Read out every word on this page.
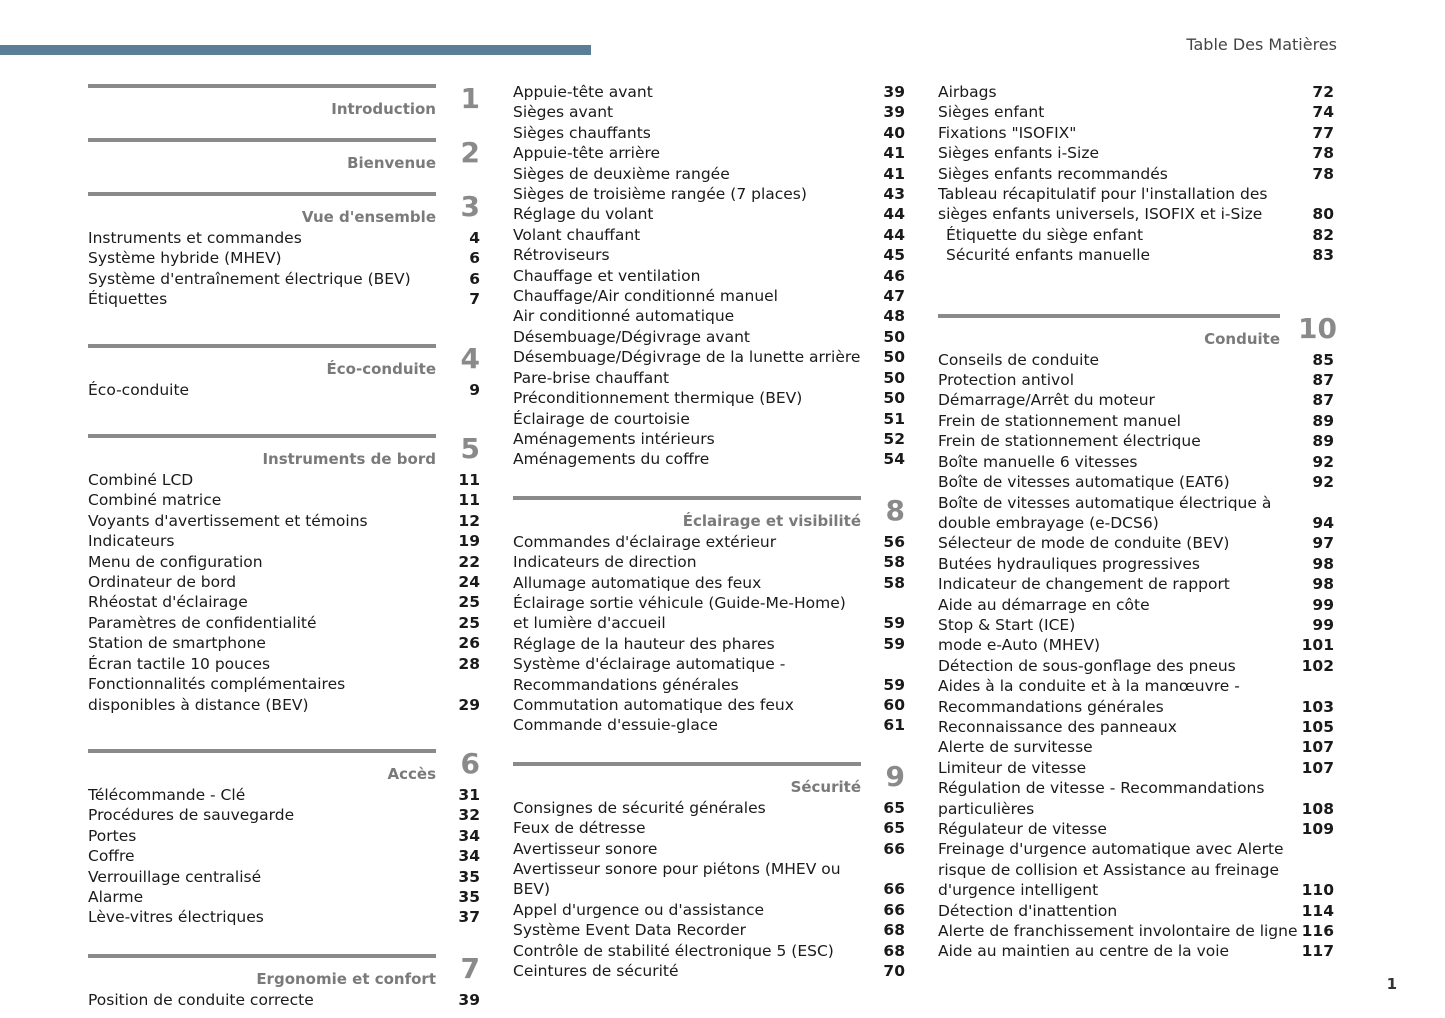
Table Des Matières
Introduction 1
Bienvenue 2
Vue d'ensemble 3
Instruments et commandes	4
Système hybride (MHEV)	6
Système d'entraînement électrique (BEV)	6
Étiquettes	7
Éco-conduite 4
Éco-conduite	9
Instruments de bord 5
Combiné LCD	11
Combiné matrice	11
Voyants d'avertissement et témoins	12
Indicateurs	19
Menu de configuration	22
Ordinateur de bord	24
Rhéostat d'éclairage	25
Paramètres de confidentialité	25
Station de smartphone	26
Écran tactile 10 pouces	28
Fonctionnalités complémentaires
disponibles à distance (BEV)	29
Accès 6
Télécommande - Clé	31
Procédures de sauvegarde	32
Portes	34
Coffre	34
Verrouillage centralisé	35
Alarme	35
Lève-vitres électriques	37
Ergonomie et confort 7
Position de conduite correcte	39
Appuie-tête avant	39
Sièges avant	39
Sièges chauffants	40
Appuie-tête arrière	41
Sièges de deuxième rangée	41
Sièges de troisième rangée (7 places)	43
Réglage du volant	44
Volant chauffant	44
Rétroviseurs	45
Chauffage et ventilation	46
Chauffage/Air conditionné manuel	47
Air conditionné automatique	48
Désembuage/Dégivrage avant	50
Désembuage/Dégivrage de la lunette arrière	50
Pare-brise chauffant	50
Préconditionnement thermique (BEV)	50
Éclairage de courtoisie	51
Aménagements intérieurs	52
Aménagements du coffre	54
Éclairage et visibilité 8
Commandes d'éclairage extérieur	56
Indicateurs de direction	58
Allumage automatique des feux	58
Éclairage sortie véhicule (Guide-Me-Home)
et lumière d'accueil	59
Réglage de la hauteur des phares	59
Système d'éclairage automatique -
Recommandations générales	59
Commutation automatique des feux	60
Commande d'essuie-glace	61
Sécurité 9
Consignes de sécurité générales	65
Feux de détresse	65
Avertisseur sonore	66
Avertisseur sonore pour piétons (MHEV ou
BEV)	66
Appel d'urgence ou d'assistance	66
Système Event Data Recorder	68
Contrôle de stabilité électronique 5 (ESC)	68
Ceintures de sécurité	70
Airbags	72
Sièges enfant	74
Fixations "ISOFIX"	77
Sièges enfants i-Size	78
Sièges enfants recommandés	78
Tableau récapitulatif pour l'installation des
sièges enfants universels, ISOFIX et i-Size	80
Étiquette du siège enfant	82
Sécurité enfants manuelle	83
Conduite 10
Conseils de conduite	85
Protection antivol	87
Démarrage/Arrêt du moteur	87
Frein de stationnement manuel	89
Frein de stationnement électrique	89
Boîte manuelle 6 vitesses	92
Boîte de vitesses automatique (EAT6)	92
Boîte de vitesses automatique électrique à
double embrayage (e-DCS6)	94
Sélecteur de mode de conduite (BEV)	97
Butées hydrauliques progressives	98
Indicateur de changement de rapport	98
Aide au démarrage en côte	99
Stop & Start (ICE)	99
mode e-Auto (MHEV)	101
Détection de sous-gonflage des pneus	102
Aides à la conduite et à la manœuvre -
Recommandations générales	103
Reconnaissance des panneaux	105
Alerte de survitesse	107
Limiteur de vitesse	107
Régulation de vitesse - Recommandations
particulières	108
Régulateur de vitesse	109
Freinage d'urgence automatique avec Alerte
risque de collision et Assistance au freinage
d'urgence intelligent	110
Détection d'inattention	114
Alerte de franchissement involontaire de ligne 116
Aide au maintien au centre de la voie	117
1
